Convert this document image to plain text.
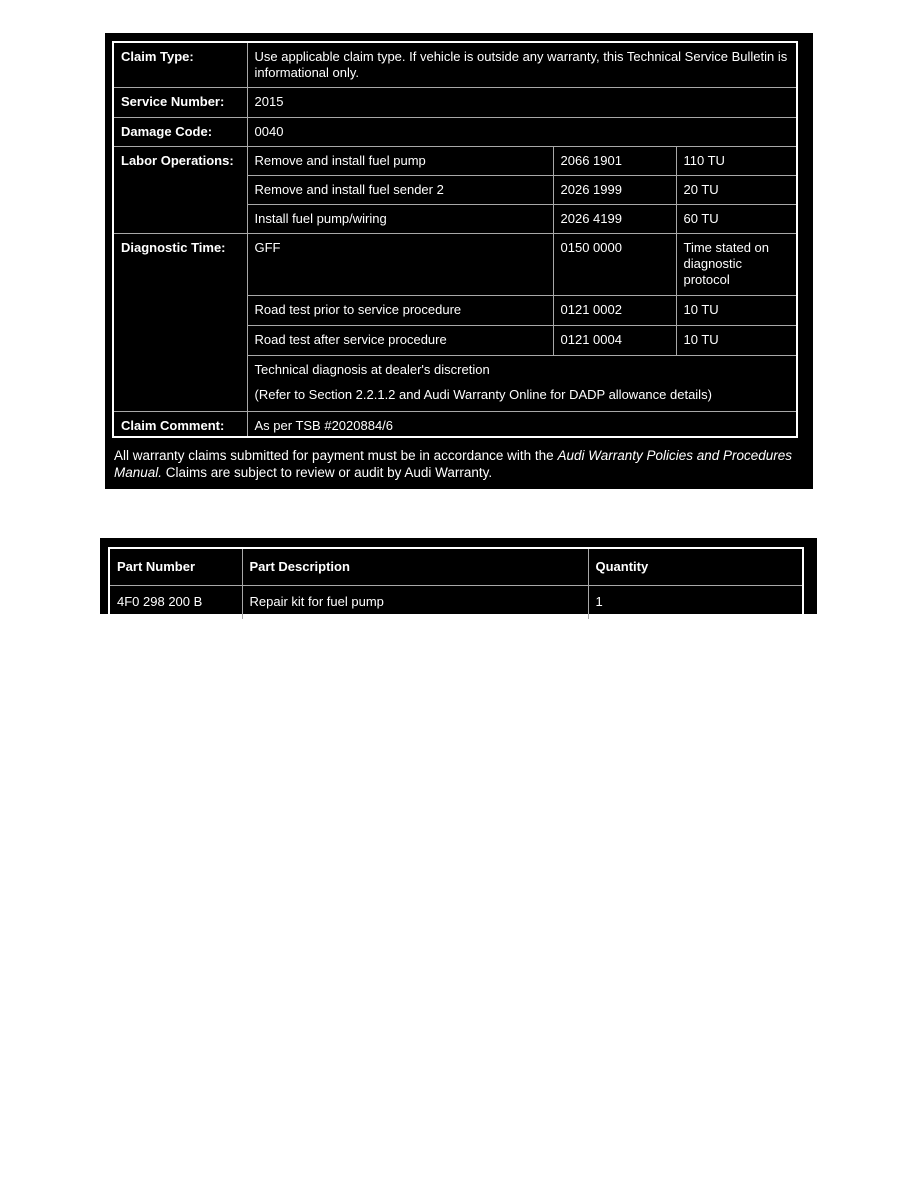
Claim Type:	Use applicable claim type. If vehicle is outside any warranty, this Technical Service Bulletin is informational only.		
Service Number:	2015		
Damage Code:	0040		
Labor Operations:	Remove and install fuel pump	2066 1901	110 TU
	Remove and install fuel sender 2	2026 1999	20 TU
	Install fuel pump/wiring	2026 4199	60 TU
Diagnostic Time:	GFF	0150 0000	Time stated on diagnostic protocol
	Road test prior to service procedure	0121 0002	10 TU
	Road test after service procedure	0121 0004	10 TU

	Technical diagnosis at dealer's discretion
(Refer to Section 2.2.1.2 and Audi Warranty Online for DADP allowance details)		

Claim Comment:	As per TSB #2020884/6		

All warranty claims submitted for payment must be in accordance with the Audi Warranty Policies and Procedures Manual. Claims are subject to review or audit by Audi Warranty.

Part Number	Part Description	Quantity
4F0 298 200 B	Repair kit for fuel pump	1
